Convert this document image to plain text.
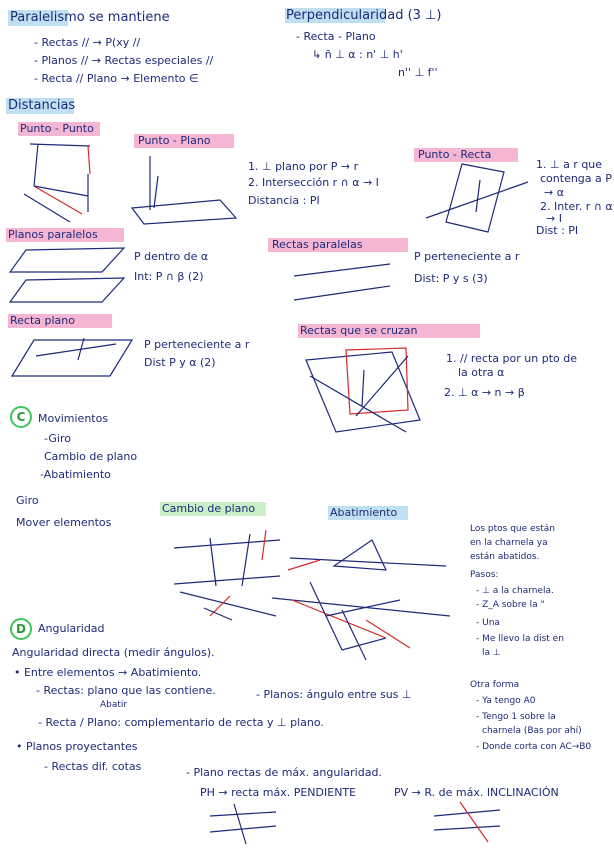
Paralelismo se mantiene
- Rectas // → P(xy //
- Planos // → Rectas especiales //
- Recta // Plano → Elemento ∈
Perpendicularidad (3 ⊥)
- Recta - Plano
↳ n̄ ⊥ α : n' ⊥ h'
n'' ⊥ f''
Distancias
Punto - Punto
Punto - Plano
1. ⊥ plano por P → r
2. Intersección r ∩ α → I
Distancia : PI
Punto - Recta
1. ⊥ a r que
contenga a P
→ α
2. Inter. r ∩ α
→ I
Dist : PI
Planos paralelos
P dentro de α
Int: P ∩ β (2)
Rectas paralelas
P perteneciente a r
Dist: P y s (3)
Recta plano
P perteneciente a r
Dist P y α (2)
Rectas que se cruzan
1. // recta por un pto de
la otra α
2. ⊥ α → n → β
C	Movimientos
-Giro
Cambio de plano
-Abatimiento
Giro
Mover elementos
Cambio de plano	Abatimiento
Los ptos que están
en la charnela ya
están abatidos.
Pasos:
- ⊥ a la charnela.
- Z_A sobre la "
- Una
- Me llevo la dist en
la ⊥
Otra forma
- Ya tengo A0
- Tengo 1 sobre la
charnela (Bas por ahí)
- Donde corta con AC→B0
D	Angularidad
Angularidad directa (medir ángulos).
• Entre elementos → Abatimiento.
- Rectas: plano que las contiene.	- Planos: ángulo entre sus ⊥
Abatir
- Recta / Plano: complementario de recta y ⊥ plano.
• Planos proyectantes
- Rectas dif. cotas	- Plano rectas de máx. angularidad.
PH → recta máx. PENDIENTE	PV → R. de máx. INCLINACIÓN
